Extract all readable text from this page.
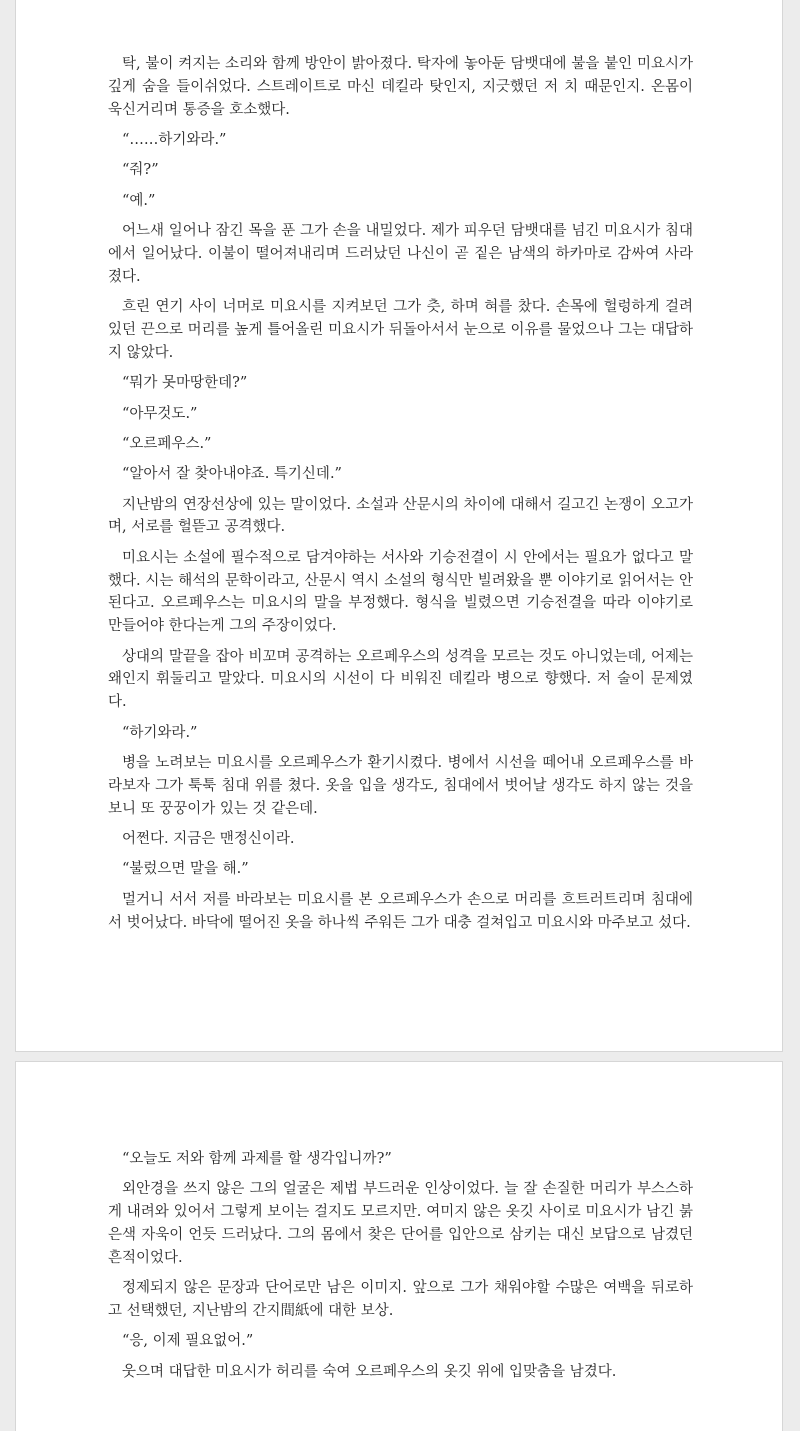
탁, 불이 켜지는 소리와 함께 방안이 밝아졌다. 탁자에 놓아둔 담뱃대에 불을 붙인 미요시가 깊게 숨을 들이쉬었다. 스트레이트로 마신 데킬라 탓인지, 지긋했던 저 치 때문인지. 온몸이 욱신거리며 통증을 호소했다.

“……하기와라.”

“줘?”

“예.”

어느새 일어나 잠긴 목을 푼 그가 손을 내밀었다. 제가 피우던 담뱃대를 넘긴 미요시가 침대에서 일어났다. 이불이 떨어져내리며 드러났던 나신이 곧 짙은 남색의 하카마로 감싸여 사라졌다.

흐린 연기 사이 너머로 미요시를 지켜보던 그가 츳, 하며 혀를 찼다. 손목에 헐렁하게 걸려있던 끈으로 머리를 높게 틀어올린 미요시가 뒤돌아서서 눈으로 이유를 물었으나 그는 대답하지 않았다.

“뭐가 못마땅한데?”

“아무것도.”

“오르페우스.”

“알아서 잘 찾아내야죠. 특기신데.”

지난밤의 연장선상에 있는 말이었다. 소설과 산문시의 차이에 대해서 길고긴 논쟁이 오고가며, 서로를 헐뜯고 공격했다.

미요시는 소설에 필수적으로 담겨야하는 서사와 기승전결이 시 안에서는 필요가 없다고 말했다. 시는 해석의 문학이라고, 산문시 역시 소설의 형식만 빌려왔을 뿐 이야기로 읽어서는 안 된다고. 오르페우스는 미요시의 말을 부정했다. 형식을 빌렸으면 기승전결을 따라 이야기로 만들어야 한다는게 그의 주장이었다.

상대의 말끝을 잡아 비꼬며 공격하는 오르페우스의 성격을 모르는 것도 아니었는데, 어제는 왜인지 휘둘리고 말았다. 미요시의 시선이 다 비워진 데킬라 병으로 향했다. 저 술이 문제였다.

“하기와라.”

병을 노려보는 미요시를 오르페우스가 환기시켰다. 병에서 시선을 떼어내 오르페우스를 바라보자 그가 툭툭 침대 위를 쳤다. 옷을 입을 생각도, 침대에서 벗어날 생각도 하지 않는 것을 보니 또 꿍꿍이가 있는 것 같은데.

어쩐다. 지금은 맨정신이라.

“불렀으면 말을 해.”

멀거니 서서 저를 바라보는 미요시를 본 오르페우스가 손으로 머리를 흐트러트리며 침대에서 벗어났다. 바닥에 떨어진 옷을 하나씩 주워든 그가 대충 걸쳐입고 미요시와 마주보고 섰다.

“오늘도 저와 함께 과제를 할 생각입니까?”

외안경을 쓰지 않은 그의 얼굴은 제법 부드러운 인상이었다. 늘 잘 손질한 머리가 부스스하게 내려와 있어서 그렇게 보이는 걸지도 모르지만. 여미지 않은 옷깃 사이로 미요시가 남긴 붉은색 자욱이 언듯 드러났다. 그의 몸에서 찾은 단어를 입안으로 삼키는 대신 보답으로 남겼던 흔적이었다.

정제되지 않은 문장과 단어로만 남은 이미지. 앞으로 그가 채워야할 수많은 여백을 뒤로하고 선택했던, 지난밤의 간지間紙에 대한 보상.

“응, 이제 필요없어.”

웃으며 대답한 미요시가 허리를 숙여 오르페우스의 옷깃 위에 입맞춤을 남겼다.
